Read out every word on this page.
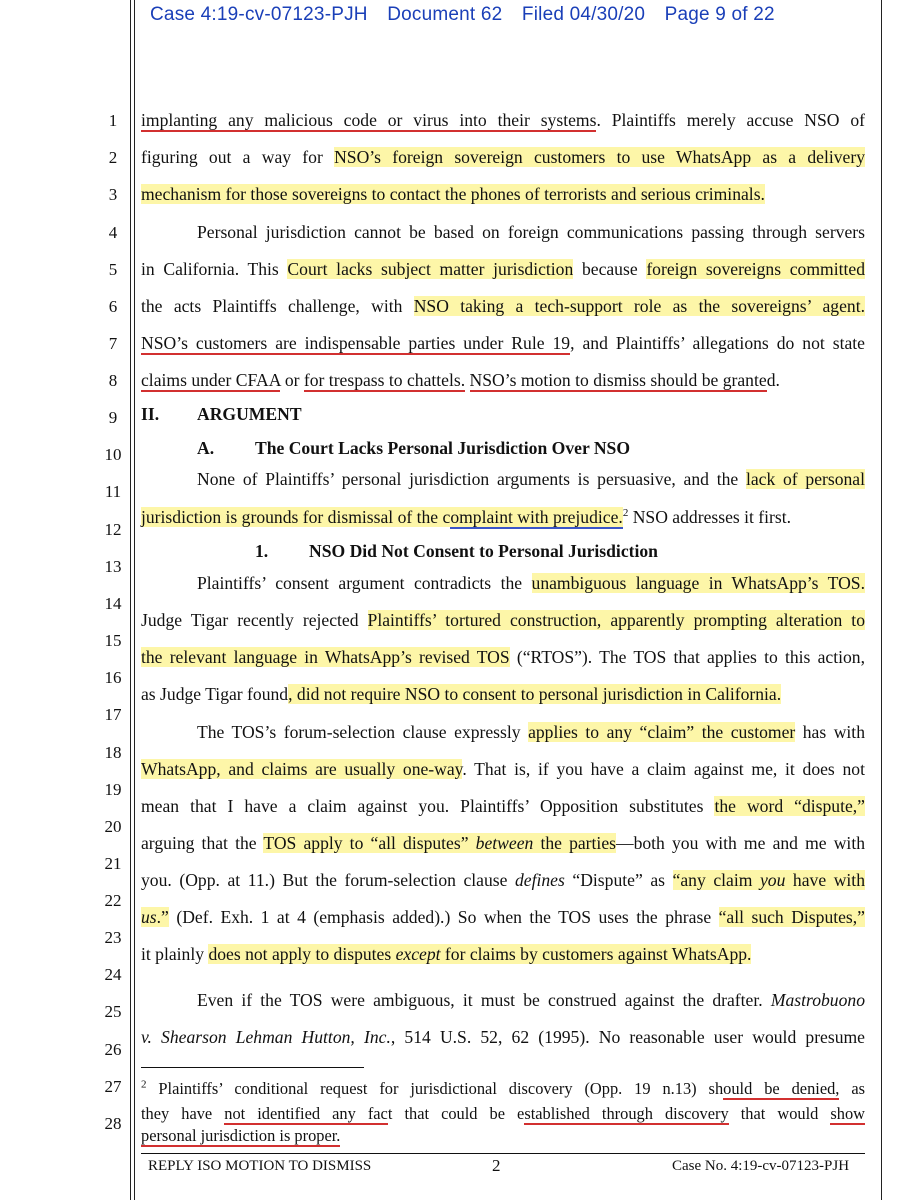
Case 4:19-cv-07123-PJH Document 62 Filed 04/30/20 Page 9 of 22
1
2
3
4
5
6
7
8
9
10
11
12
13
14
15
16
17
18
19
20
21
22
23
24
25
26
27
28
implanting any malicious code or virus into their systems. Plaintiffs merely accuse NSO of
figuring out a way for NSO’s foreign sovereign customers to use WhatsApp as a delivery
mechanism for those sovereigns to contact the phones of terrorists and serious criminals.
Personal jurisdiction cannot be based on foreign communications passing through servers
in California. This Court lacks subject matter jurisdiction because foreign sovereigns committed
the acts Plaintiffs challenge, with NSO taking a tech-support role as the sovereigns’ agent.
NSO’s customers are indispensable parties under Rule 19, and Plaintiffs’ allegations do not state
claims under CFAA or for trespass to chattels. NSO’s motion to dismiss should be granted.
II. ARGUMENT
A. The Court Lacks Personal Jurisdiction Over NSO
None of Plaintiffs’ personal jurisdiction arguments is persuasive, and the lack of personal
jurisdiction is grounds for dismissal of the complaint with prejudice.$^2$ NSO addresses it first.
1. NSO Did Not Consent to Personal Jurisdiction
Plaintiffs’ consent argument contradicts the unambiguous language in WhatsApp’s TOS.
Judge Tigar recently rejected Plaintiffs’ tortured construction, apparently prompting alteration to
the relevant language in WhatsApp’s revised TOS (“RTOS”). The TOS that applies to this action,
as Judge Tigar found, did not require NSO to consent to personal jurisdiction in California.
The TOS’s forum-selection clause expressly applies to any “claim” the customer has with
WhatsApp, and claims are usually one-way. That is, if you have a claim against me, it does not
mean that I have a claim against you. Plaintiffs’ Opposition substitutes the word “dispute,”
arguing that the TOS apply to “all disputes” between the parties—both you with me and me with
you. (Opp. at 11.) But the forum-selection clause defines “Dispute” as “any claim you have with
us.” (Def. Exh. 1 at 4 (emphasis added).) So when the TOS uses the phrase “all such Disputes,”
it plainly does not apply to disputes except for claims by customers against WhatsApp.
Even if the TOS were ambiguous, it must be construed against the drafter. Mastrobuono
v. Shearson Lehman Hutton, Inc., 514 U.S. 52, 62 (1995). No reasonable user would presume
$^2$ Plaintiffs’ conditional request for jurisdictional discovery (Opp. 19 n.13) should be denied, as
they have not identified any fact that could be established through discovery that would show
personal jurisdiction is proper.
REPLY ISO MOTION TO DISMISS	2	Case No. 4:19-cv-07123-PJH
